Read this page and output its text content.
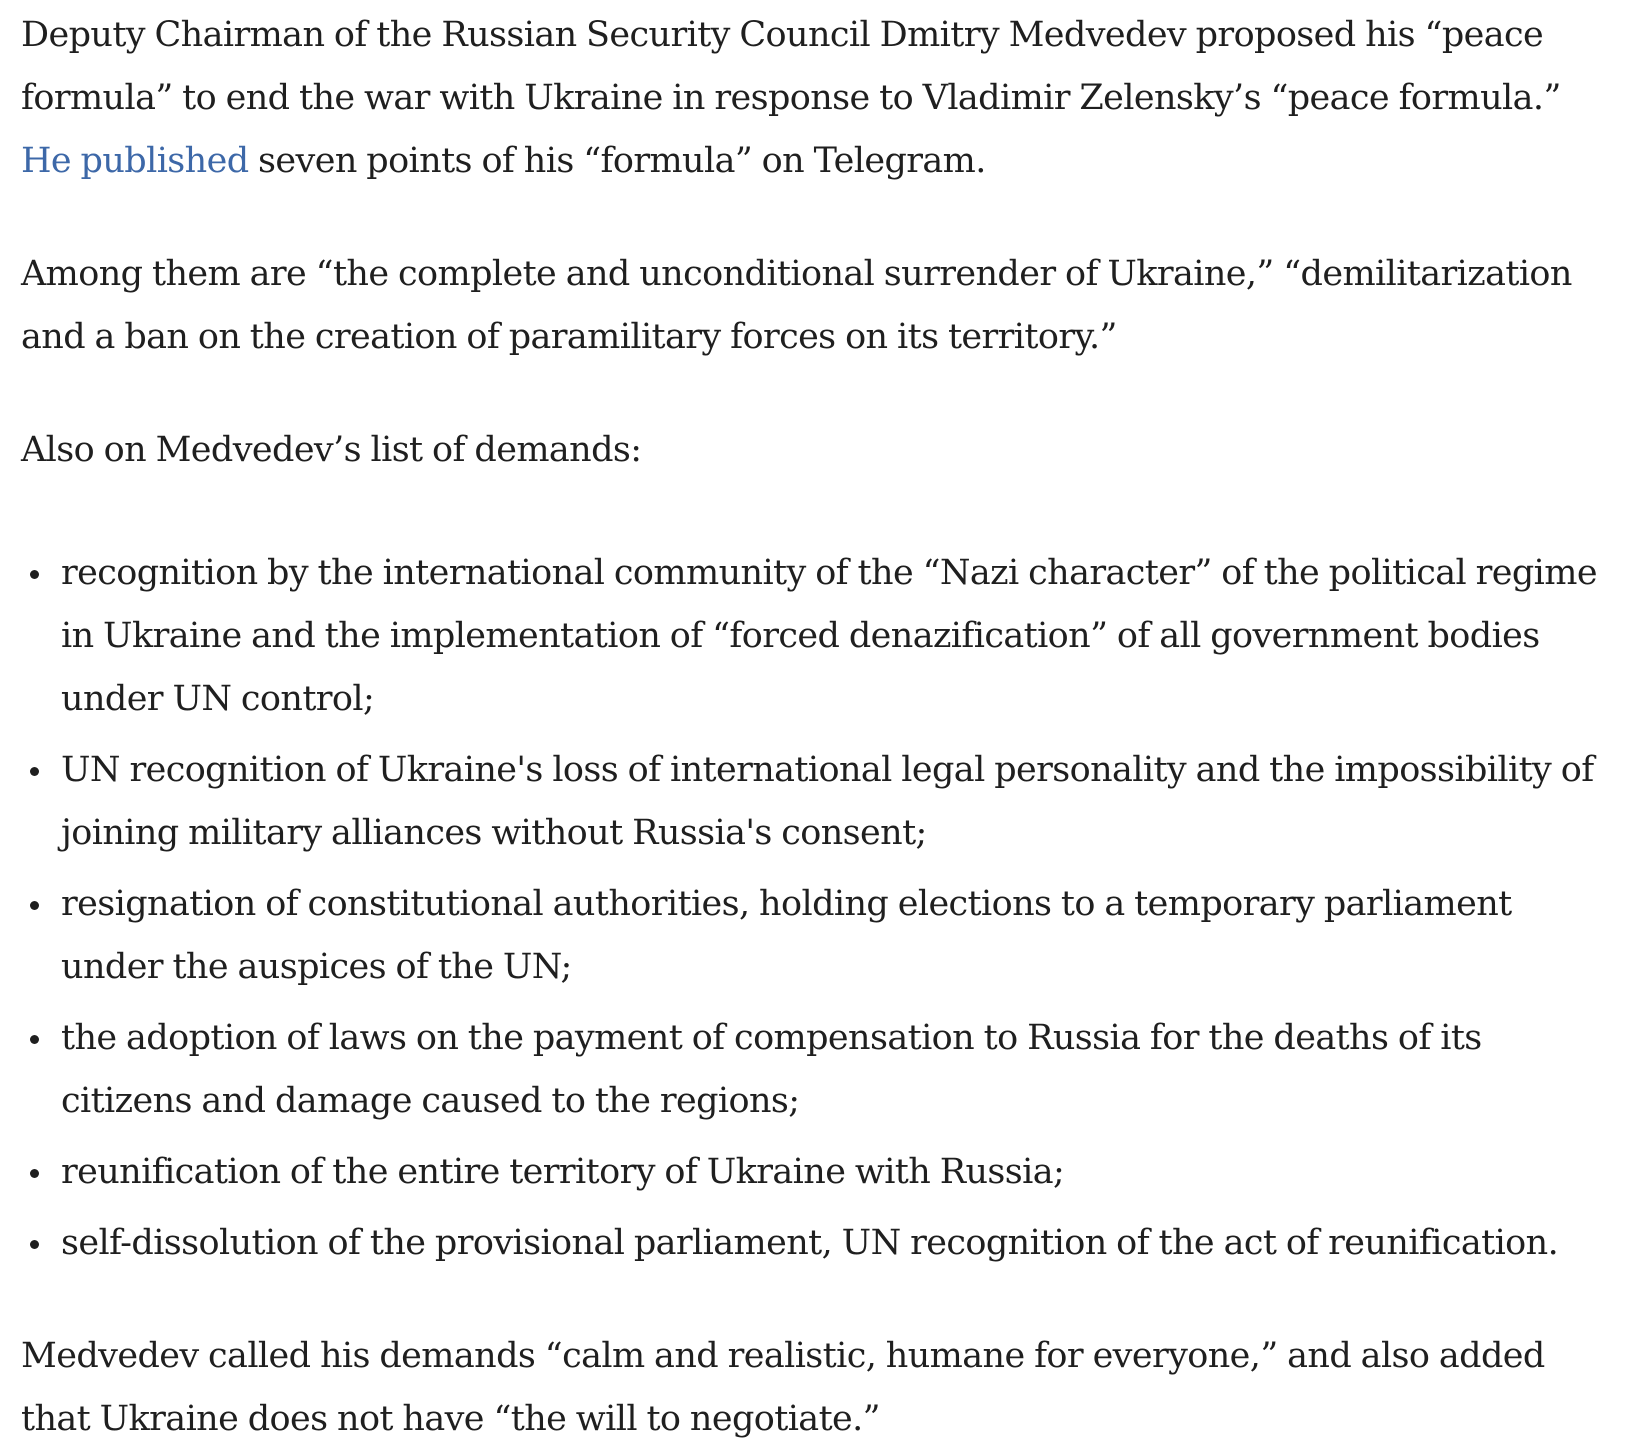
Deputy Chairman of the Russian Security Council Dmitry Medvedev proposed his “peace formula” to end the war with Ukraine in response to Vladimir Zelensky’s “peace formula.” He published seven points of his “formula” on Telegram.

Among them are “the complete and unconditional surrender of Ukraine,” “demilitarization and a ban on the creation of paramilitary forces on its territory.”

Also on Medvedev’s list of demands:

recognition by the international community of the “Nazi character” of the political regime in Ukraine and the implementation of “forced denazification” of all government bodies under UN control;
UN recognition of Ukraine's loss of international legal personality and the impossibility of joining military alliances without Russia's consent;
resignation of constitutional authorities, holding elections to a temporary parliament under the auspices of the UN;
the adoption of laws on the payment of compensation to Russia for the deaths of its citizens and damage caused to the regions;
reunification of the entire territory of Ukraine with Russia;
self-dissolution of the provisional parliament, UN recognition of the act of reunification.

Medvedev called his demands “calm and realistic, humane for everyone,” and also added that Ukraine does not have “the will to negotiate.”
